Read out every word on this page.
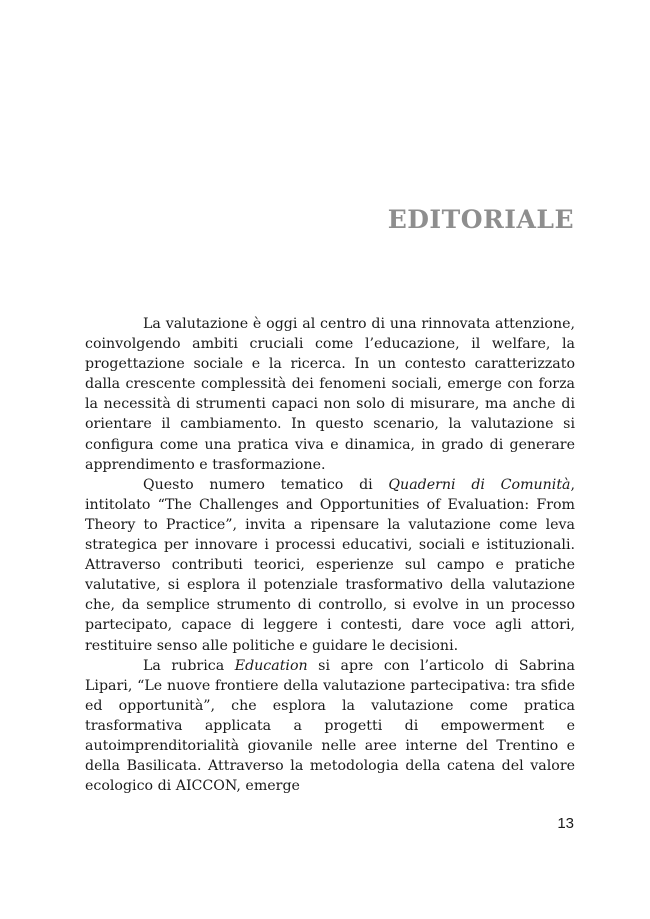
EDITORIALE

La valutazione è oggi al centro di una rinnovata attenzione, coinvolgendo ambiti cruciali come l’educazione, il welfare, la progettazione sociale e la ricerca. In un contesto caratterizzato dalla crescente complessità dei fenomeni sociali, emerge con forza la necessità di strumenti capaci non solo di misurare, ma anche di orientare il cambiamento. In questo scenario, la valutazione si configura come una pratica viva e dinamica, in grado di generare apprendimento e trasformazione.

Questo numero tematico di Quaderni di Comunità, intitolato “The Challenges and Opportunities of Evaluation: From Theory to Practice”, invita a ripensare la valutazione come leva strategica per innovare i processi educativi, sociali e istituzionali. Attraverso contributi teorici, esperienze sul campo e pratiche valutative, si esplora il potenziale trasformativo della valutazione che, da semplice strumento di controllo, si evolve in un processo partecipato, capace di leggere i contesti, dare voce agli attori, restituire senso alle politiche e guidare le decisioni.

La rubrica Education si apre con l’articolo di Sabrina Lipari, “Le nuove frontiere della valutazione partecipativa: tra sfide ed opportunità”, che esplora la valutazione come pratica trasformativa applicata a progetti di empowerment e autoimprenditorialità giovanile nelle aree interne del Trentino e della Basilicata. Attraverso la metodologia della catena del valore ecologico di AICCON, emerge

13
